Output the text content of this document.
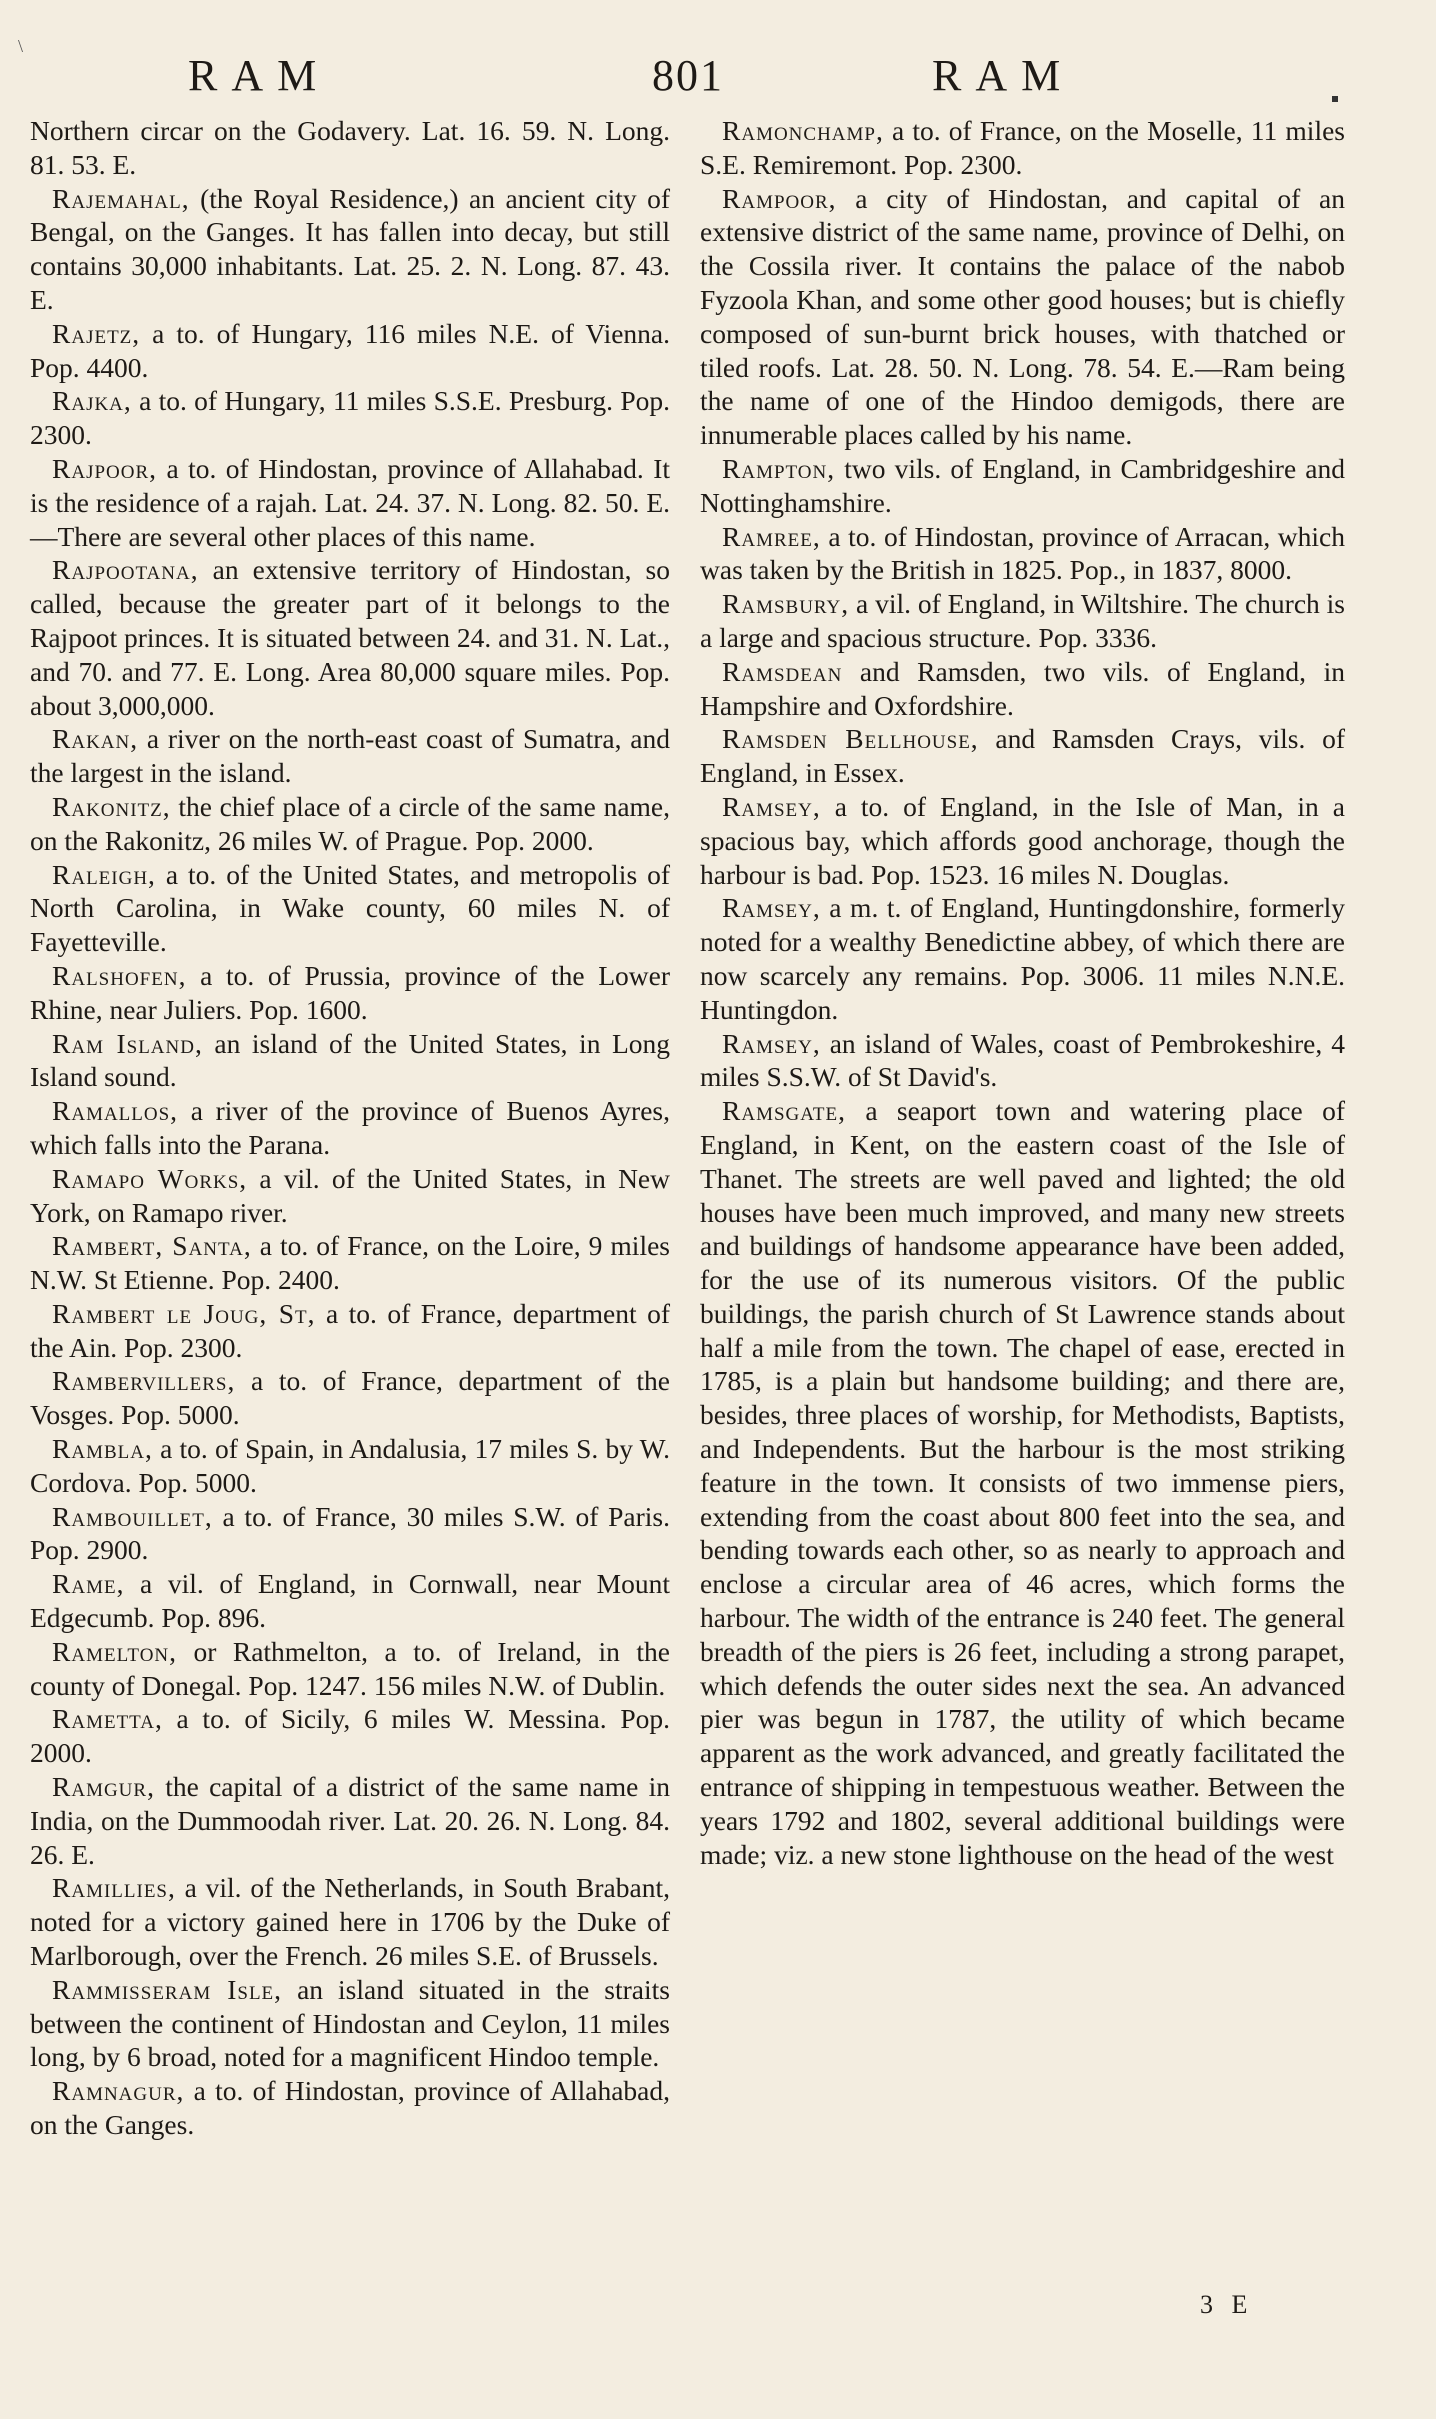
\
RAM	801	RAM

Northern circar on the Godavery. Lat. 16. 59. N. Long. 81. 53. E.

Rajemahal, (the Royal Residence,) an ancient city of Bengal, on the Ganges. It has fallen into decay, but still contains 30,000 inhabitants. Lat. 25. 2. N. Long. 87. 43. E.

Rajetz, a to. of Hungary, 116 miles N.E. of Vienna. Pop. 4400.

Rajka, a to. of Hungary, 11 miles S.S.E. Presburg. Pop. 2300.

Rajpoor, a to. of Hindostan, province of Allahabad. It is the residence of a rajah. Lat. 24. 37. N. Long. 82. 50. E.—There are several other places of this name.

Rajpootana, an extensive territory of Hindostan, so called, because the greater part of it belongs to the Rajpoot princes. It is situated between 24. and 31. N. Lat., and 70. and 77. E. Long. Area 80,000 square miles. Pop. about 3,000,000.

Rakan, a river on the north-east coast of Sumatra, and the largest in the island.

Rakonitz, the chief place of a circle of the same name, on the Rakonitz, 26 miles W. of Prague. Pop. 2000.

Raleigh, a to. of the United States, and metropolis of North Carolina, in Wake county, 60 miles N. of Fayetteville.

Ralshofen, a to. of Prussia, province of the Lower Rhine, near Juliers. Pop. 1600.

Ram Island, an island of the United States, in Long Island sound.

Ramallos, a river of the province of Buenos Ayres, which falls into the Parana.

Ramapo Works, a vil. of the United States, in New York, on Ramapo river.

Rambert, Santa, a to. of France, on the Loire, 9 miles N.W. St Etienne. Pop. 2400.

Rambert le Joug, St, a to. of France, department of the Ain. Pop. 2300.

Rambervillers, a to. of France, department of the Vosges. Pop. 5000.

Rambla, a to. of Spain, in Andalusia, 17 miles S. by W. Cordova. Pop. 5000.

Rambouillet, a to. of France, 30 miles S.W. of Paris. Pop. 2900.

Rame, a vil. of England, in Cornwall, near Mount Edgecumb. Pop. 896.

Ramelton, or Rathmelton, a to. of Ireland, in the county of Donegal. Pop. 1247. 156 miles N.W. of Dublin.

Rametta, a to. of Sicily, 6 miles W. Messina. Pop. 2000.

Ramgur, the capital of a district of the same name in India, on the Dummoodah river. Lat. 20. 26. N. Long. 84. 26. E.

Ramillies, a vil. of the Netherlands, in South Brabant, noted for a victory gained here in 1706 by the Duke of Marlborough, over the French. 26 miles S.E. of Brussels.

Rammisseram Isle, an island situated in the straits between the continent of Hindostan and Ceylon, 11 miles long, by 6 broad, noted for a magnificent Hindoo temple.

Ramnagur, a to. of Hindostan, province of Allahabad, on the Ganges.

Ramonchamp, a to. of France, on the Moselle, 11 miles S.E. Remiremont. Pop. 2300.

Rampoor, a city of Hindostan, and capital of an extensive district of the same name, province of Delhi, on the Cossila river. It contains the palace of the nabob Fyzoola Khan, and some other good houses; but is chiefly composed of sun-burnt brick houses, with thatched or tiled roofs. Lat. 28. 50. N. Long. 78. 54. E.—Ram being the name of one of the Hindoo demigods, there are innumerable places called by his name.

Rampton, two vils. of England, in Cambridgeshire and Nottinghamshire.

Ramree, a to. of Hindostan, province of Arracan, which was taken by the British in 1825. Pop., in 1837, 8000.

Ramsbury, a vil. of England, in Wiltshire. The church is a large and spacious structure. Pop. 3336.

Ramsdean and Ramsden, two vils. of England, in Hampshire and Oxfordshire.

Ramsden Bellhouse, and Ramsden Crays, vils. of England, in Essex.

Ramsey, a to. of England, in the Isle of Man, in a spacious bay, which affords good anchorage, though the harbour is bad. Pop. 1523. 16 miles N. Douglas.

Ramsey, a m. t. of England, Huntingdonshire, formerly noted for a wealthy Benedictine abbey, of which there are now scarcely any remains. Pop. 3006. 11 miles N.N.E. Huntingdon.

Ramsey, an island of Wales, coast of Pembrokeshire, 4 miles S.S.W. of St David's.

Ramsgate, a seaport town and watering place of England, in Kent, on the eastern coast of the Isle of Thanet. The streets are well paved and lighted; the old houses have been much improved, and many new streets and buildings of handsome appearance have been added, for the use of its numerous visitors. Of the public buildings, the parish church of St Lawrence stands about half a mile from the town. The chapel of ease, erected in 1785, is a plain but handsome building; and there are, besides, three places of worship, for Methodists, Baptists, and Independents. But the harbour is the most striking feature in the town. It consists of two immense piers, extending from the coast about 800 feet into the sea, and bending towards each other, so as nearly to approach and enclose a circular area of 46 acres, which forms the harbour. The width of the entrance is 240 feet. The general breadth of the piers is 26 feet, including a strong parapet, which defends the outer sides next the sea. An advanced pier was begun in 1787, the utility of which became apparent as the work advanced, and greatly facilitated the entrance of shipping in tempestuous weather. Between the years 1792 and 1802, several additional buildings were made; viz. a new stone lighthouse on the head of the west

3 E
